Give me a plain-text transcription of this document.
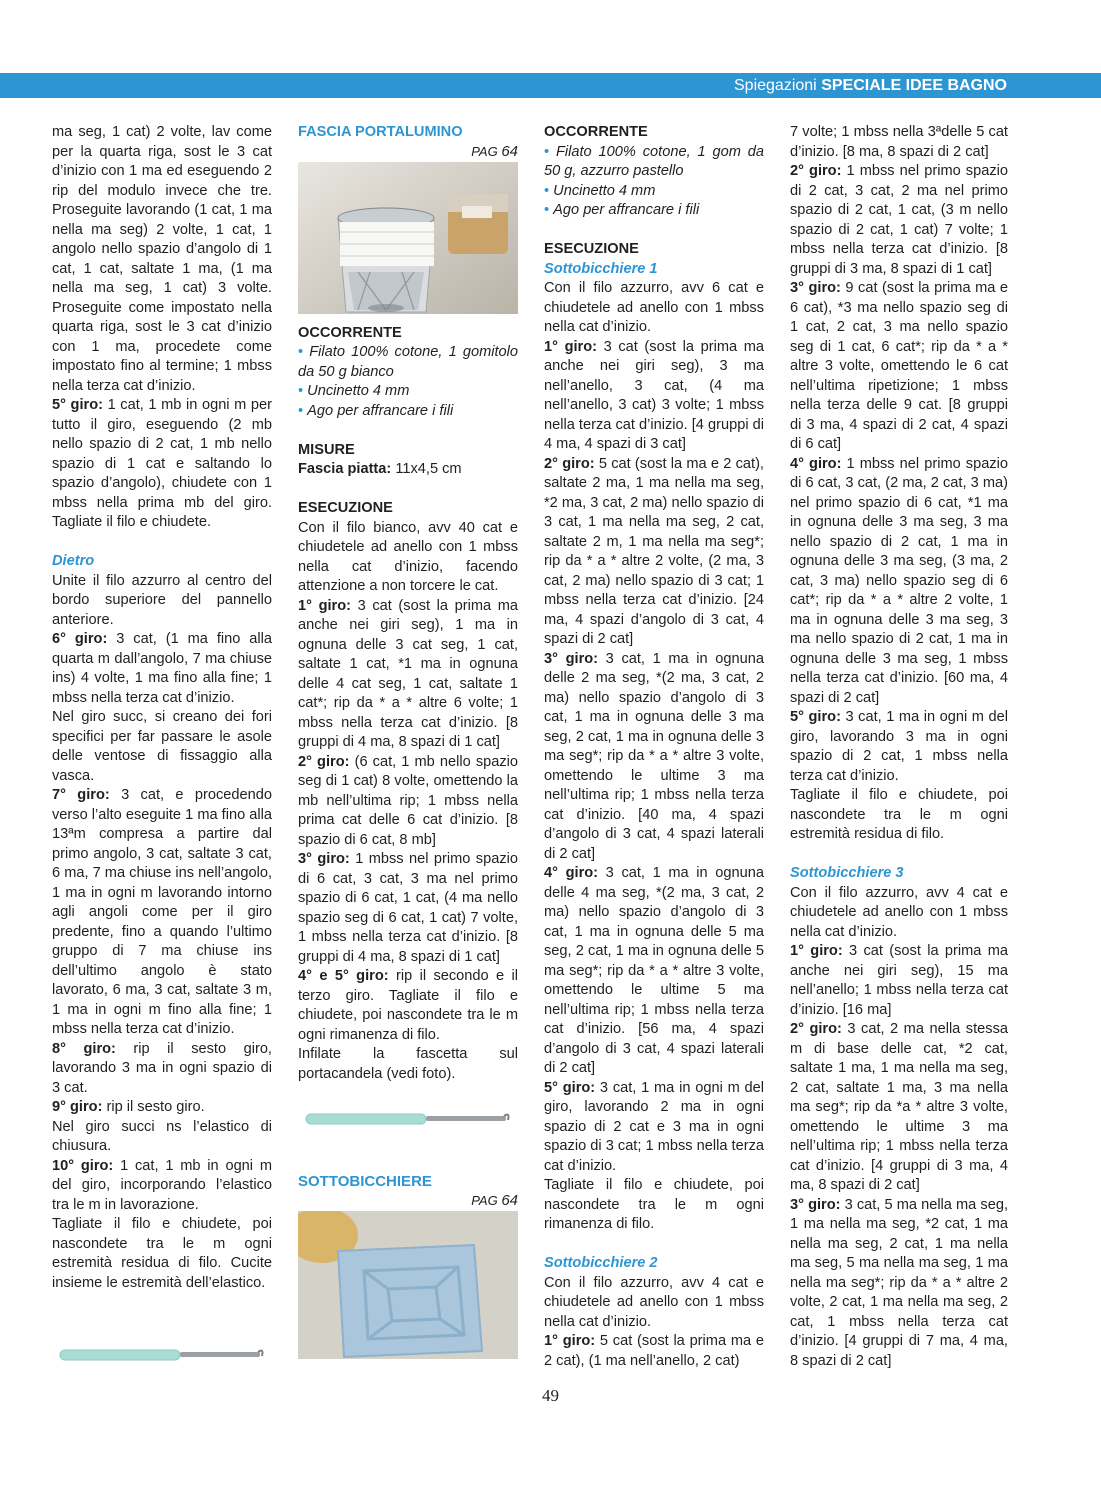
Spiegazioni SPECIALE IDEE BAGNO

ma seg, 1 cat) 2 volte, lav come per la quarta riga, sost le 3 cat d’inizio con 1 ma ed eseguendo 2 rip del modulo invece che tre. Proseguite lavorando (1 cat, 1 ma nella ma seg) 2 volte, 1 cat, 1 angolo nello spazio d’angolo di 1 cat, 1 cat, saltate 1 ma, (1 ma nella ma seg, 1 cat) 3 volte. Proseguite come impostato nella quarta riga, sost le 3 cat d’inizio con 1 ma, procedete come impostato fino al termine; 1 mbss nella terza cat d’inizio.

5° giro: 1 cat, 1 mb in ogni m per tutto il giro, eseguendo (2 mb nello spazio di 2 cat, 1 mb nello spazio di 1 cat e saltando lo spazio d’angolo), chiudete con 1 mbss nella prima mb del giro. Tagliate il filo e chiudete.

Dietro

Unite il filo azzurro al centro del bordo superiore del pannello anteriore.

6° giro: 3 cat, (1 ma fino alla quarta m dall’angolo, 7 ma chiuse ins) 4 volte, 1 ma fino alla fine; 1 mbss nella terza cat d’inizio.

Nel giro succ, si creano dei fori specifici per far passare le asole delle ventose di fissaggio alla vasca.

7° giro: 3 cat, e procedendo verso l’alto eseguite 1 ma fino alla 13ªm compresa a partire dal primo angolo, 3 cat, saltate 3 cat, 6 ma, 7 ma chiuse ins nell’angolo, 1 ma in ogni m lavorando intorno agli angoli come per il giro predente, fino a quando l’ultimo gruppo di 7 ma chiuse ins dell’ultimo angolo è stato lavorato, 6 ma, 3 cat, saltate 3 m, 1 ma in ogni m fino alla fine; 1 mbss nella terza cat d’inizio.

8° giro: rip il sesto giro, lavorando 3 ma in ogni spazio di 3 cat.

9° giro: rip il sesto giro.

Nel giro succi ns l’elastico di chiusura.

10° giro: 1 cat, 1 mb in ogni m del giro, incorporando l’elastico tra le m in lavorazione.

Tagliate il filo e chiudete, poi nascondete tra le m ogni estremità residua di filo. Cucite insieme le estremità dell’elastico.

FASCIA PORTALUMINO

PAG 64

OCCORRENTE

• Filato 100% cotone, 1 gomitolo da 50 g bianco

• Uncinetto 4 mm

• Ago per affrancare i fili

MISURE

Fascia piatta: 11x4,5 cm

ESECUZIONE

Con il filo bianco, avv 40 cat e chiudetele ad anello con 1 mbss nella cat d’inizio, facendo attenzione a non torcere le cat.

1° giro: 3 cat (sost la prima ma anche nei giri seg), 1 ma in ognuna delle 3 cat seg, 1 cat, saltate 1 cat, *1 ma in ognuna delle 4 cat seg, 1 cat, saltate 1 cat*; rip da * a * altre 6 volte; 1 mbss nella terza cat d’inizio. [8 gruppi di 4 ma, 8 spazi di 1 cat]

2° giro: (6 cat, 1 mb nello spazio seg di 1 cat) 8 volte, omettendo la mb nell’ultima rip; 1 mbss nella prima cat delle 6 cat d’inizio. [8 spazio di 6 cat, 8 mb]

3° giro: 1 mbss nel primo spazio di 6 cat, 3 cat, 3 ma nel primo spazio di 6 cat, 1 cat, (4 ma nello spazio seg di 6 cat, 1 cat) 7 volte, 1 mbss nella terza cat d’inizio. [8 gruppi di 4 ma, 8 spazi di 1 cat]

4° e 5° giro: rip il secondo e il terzo giro. Tagliate il filo e chiudete, poi nascondete tra le m ogni rimanenza di filo.

Infilate la fascetta sul portacandela (vedi foto).

SOTTOBICCHIERE

PAG 64

OCCORRENTE

• Filato 100% cotone, 1 gom da 50 g, azzurro pastello

• Uncinetto 4 mm

• Ago per affrancare i fili

ESECUZIONE

Sottobicchiere 1

Con il filo azzurro, avv 6 cat e chiudetele ad anello con 1 mbss nella cat d’inizio.

1° giro: 3 cat (sost la prima ma anche nei giri seg), 3 ma nell’anello, 3 cat, (4 ma nell’anello, 3 cat) 3 volte; 1 mbss nella terza cat d’inizio. [4 gruppi di 4 ma, 4 spazi di 3 cat]

2° giro: 5 cat (sost la ma e 2 cat), saltate 2 ma, 1 ma nella ma seg, *2 ma, 3 cat, 2 ma) nello spazio di 3 cat, 1 ma nella ma seg, 2 cat, saltate 2 m, 1 ma nella ma seg*; rip da * a * altre 2 volte, (2 ma, 3 cat, 2 ma) nello spazio di 3 cat; 1 mbss nella terza cat d’inizio. [24 ma, 4 spazi d’angolo di 3 cat, 4 spazi di 2 cat]

3° giro: 3 cat, 1 ma in ognuna delle 2 ma seg, *(2 ma, 3 cat, 2 ma) nello spazio d’angolo di 3 cat, 1 ma in ognuna delle 3 ma seg, 2 cat, 1 ma in ognuna delle 3 ma seg*; rip da * a * altre 3 volte, omettendo le ultime 3 ma nell’ultima rip; 1 mbss nella terza cat d’inizio. [40 ma, 4 spazi d’angolo di 3 cat, 4 spazi laterali di 2 cat]

4° giro: 3 cat, 1 ma in ognuna delle 4 ma seg, *(2 ma, 3 cat, 2 ma) nello spazio d’angolo di 3 cat, 1 ma in ognuna delle 5 ma seg, 2 cat, 1 ma in ognuna delle 5 ma seg*; rip da * a * altre 3 volte, omettendo le ultime 5 ma nell’ultima rip; 1 mbss nella terza cat d’inizio. [56 ma, 4 spazi d’angolo di 3 cat, 4 spazi laterali di 2 cat]

5° giro: 3 cat, 1 ma in ogni m del giro, lavorando 2 ma in ogni spazio di 2 cat e 3 ma in ogni spazio di 3 cat; 1 mbss nella terza cat d’inizio.

Tagliate il filo e chiudete, poi nascondete tra le m ogni rimanenza di filo.

Sottobicchiere 2

Con il filo azzurro, avv 4 cat e chiudetele ad anello con 1 mbss nella cat d’inizio.

1° giro: 5 cat (sost la prima ma e 2 cat), (1 ma nell’anello, 2 cat)

7 volte; 1 mbss nella 3ªdelle 5 cat d’inizio. [8 ma, 8 spazi di 2 cat]

2° giro: 1 mbss nel primo spazio di 2 cat, 3 cat, 2 ma nel primo spazio di 2 cat, 1 cat, (3 m nello spazio di 2 cat, 1 cat) 7 volte; 1 mbss nella terza cat d’inizio. [8 gruppi di 3 ma, 8 spazi di 1 cat]

3° giro: 9 cat (sost la prima ma e 6 cat), *3 ma nello spazio seg di 1 cat, 2 cat, 3 ma nello spazio seg di 1 cat, 6 cat*; rip da * a * altre 3 volte, omettendo le 6 cat nell’ultima ripetizione; 1 mbss nella terza delle 9 cat. [8 gruppi di 3 ma, 4 spazi di 2 cat, 4 spazi di 6 cat]

4° giro: 1 mbss nel primo spazio di 6 cat, 3 cat, (2 ma, 2 cat, 3 ma) nel primo spazio di 6 cat, *1 ma in ognuna delle 3 ma seg, 3 ma nello spazio di 2 cat, 1 ma in ognuna delle 3 ma seg, (3 ma, 2 cat, 3 ma) nello spazio seg di 6 cat*; rip da * a * altre 2 volte, 1 ma in ognuna delle 3 ma seg, 3 ma nello spazio di 2 cat, 1 ma in ognuna delle 3 ma seg, 1 mbss nella terza cat d’inizio. [60 ma, 4 spazi di 2 cat]

5° giro: 3 cat, 1 ma in ogni m del giro, lavorando 3 ma in ogni spazio di 2 cat, 1 mbss nella terza cat d’inizio.

Tagliate il filo e chiudete, poi nascondete tra le m ogni estremità residua di filo.

Sottobicchiere 3

Con il filo azzurro, avv 4 cat e chiudetele ad anello con 1 mbss nella cat d’inizio.

1° giro: 3 cat (sost la prima ma anche nei giri seg), 15 ma nell’anello; 1 mbss nella terza cat d’inizio. [16 ma]

2° giro: 3 cat, 2 ma nella stessa m di base delle cat, *2 cat, saltate 1 ma, 1 ma nella ma seg, 2 cat, saltate 1 ma, 3 ma nella ma seg*; rip da *a * altre 3 volte, omettendo le ultime 3 ma nell’ultima rip; 1 mbss nella terza cat d’inizio. [4 gruppi di 3 ma, 4 ma, 8 spazi di 2 cat]

3° giro: 3 cat, 5 ma nella ma seg, 1 ma nella ma seg, *2 cat, 1 ma nella ma seg, 2 cat, 1 ma nella ma seg, 5 ma nella ma seg, 1 ma nella ma seg*; rip da * a * altre 2 volte, 2 cat, 1 ma nella ma seg, 2 cat, 1 mbss nella terza cat d’inizio. [4 gruppi di 7 ma, 4 ma, 8 spazi di 2 cat]

49
